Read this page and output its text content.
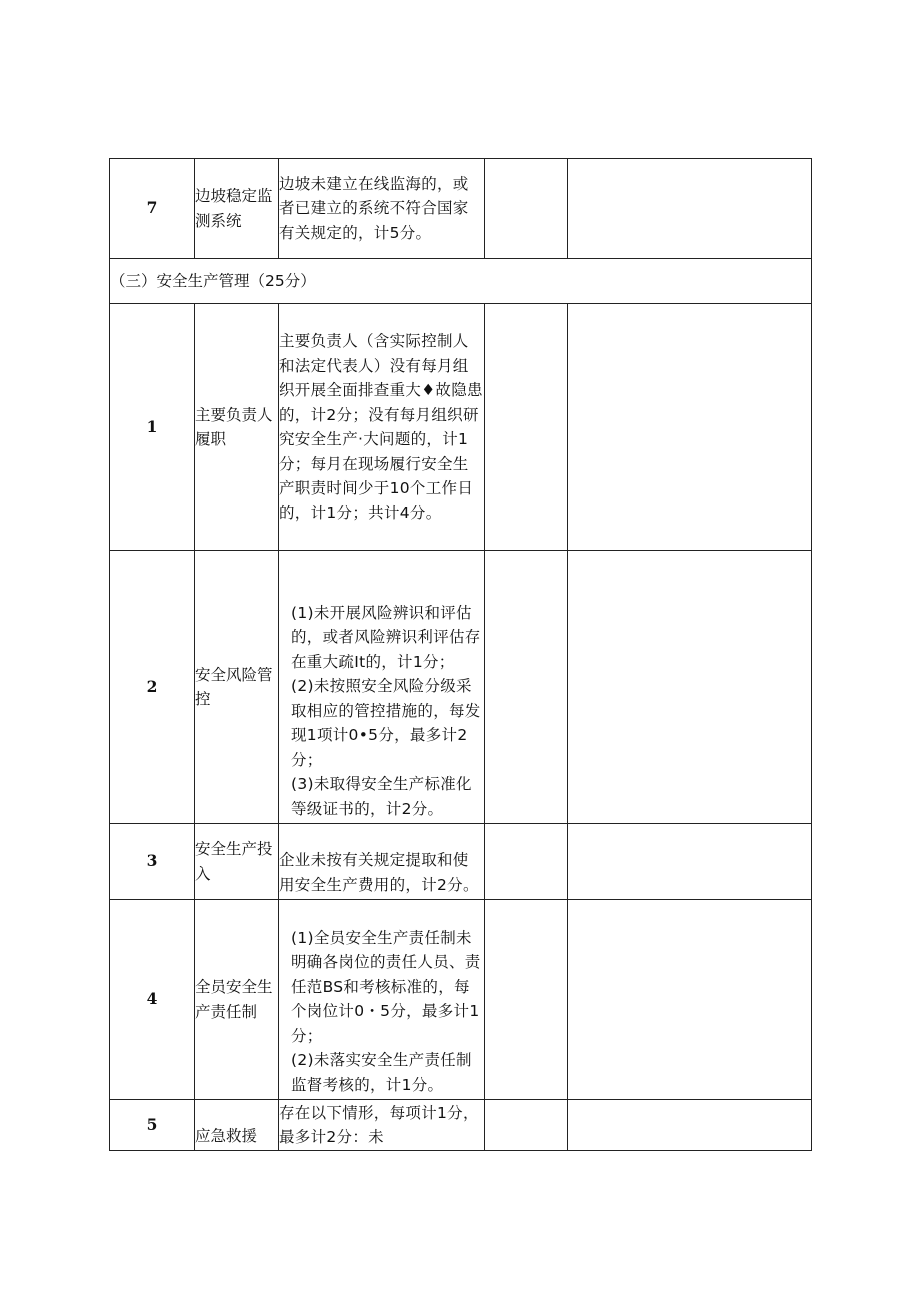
7	边坡稳定监测系统	边坡未建立在线监海的，或者已建立的系统不符合国家有关规定的，计5分。		

（三）安全生产管理（25分）				
1	主要负责人履职	主要负责人（含实际控制人和法定代表人）没有每月组织开展全面排查重大♦故隐患的，计2分；没有每月组织研究安全生产·大问题的，计1分；每月在现场履行安全生产职责时间少于10个工作日的，计1分；共计4分。		

2	安全风险管控	(1)未开展风险辨识和评估的，或者风险辨识利评估存在重大疏It的，计1分；
(2)未按照安全风险分级采取相应的管控措施的，每发现1项计0•5分，最多计2分；
(3)未取得安全生产标准化等级证书的，计2分。		

3	安全生产投入	企业未按有关规定提取和使用安全生产费用的，计2分。		

4	全员安全生产责任制	(1)全员安全生产责任制未明确各岗位的责任人员、责任范BS和考核标准的，每个岗位计0・5分，最多计1分；
(2)未落实安全生产责任制监督考核的，计1分。		

5	应急救援	存在以下情形，每项计1分，最多计2分：未		
